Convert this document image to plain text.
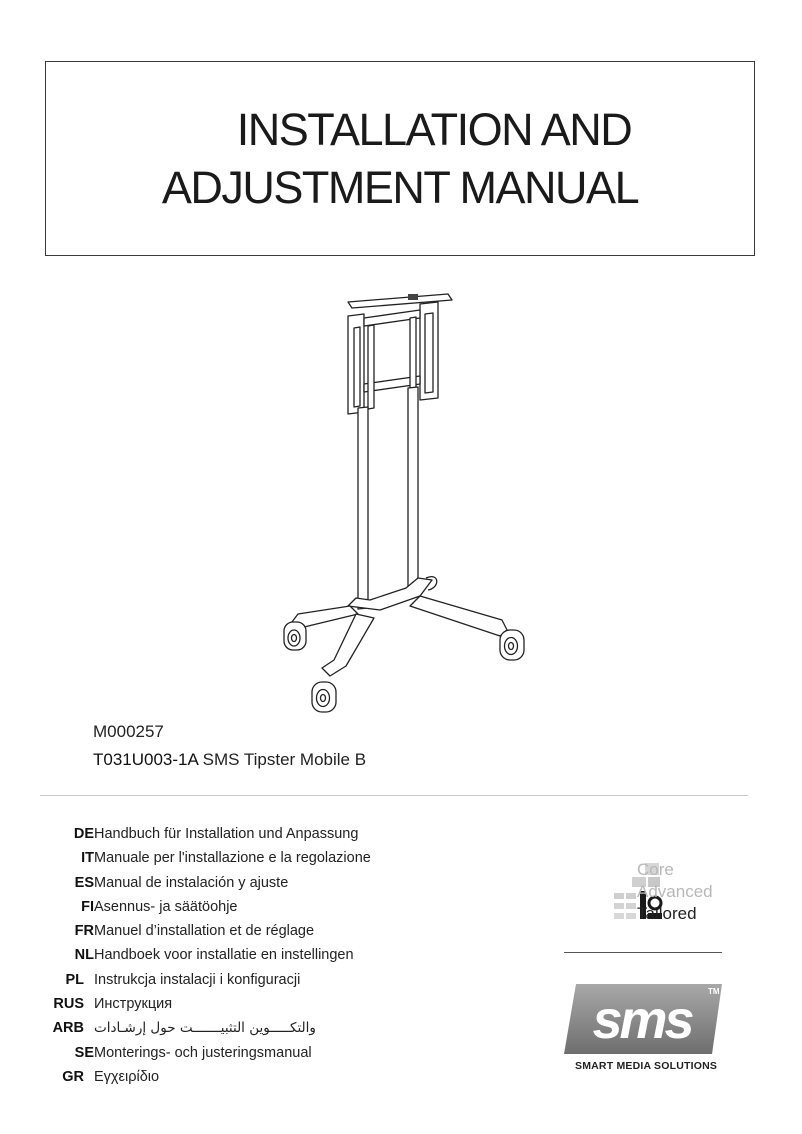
INSTALLATION AND
ADJUSTMENT MANUAL
M000257
T031U003-1A SMS Tipster Mobile B
DE Handbuch für Installation und Anpassung
IT Manuale per l'installazione e la regolazione
ES Manual de instalación y ajuste
FI Asennus- ja säätöohje
FR Manuel d’installation et de réglage
NL Handboek voor installatie en instellingen
PL Instrukcja instalacji i konfiguracji
RUS Инструкция
ARB والتكـــــوين التثبيـــــــت حول إرشـادات
SE Monterings- och justeringsmanual
GR Εγχειρίδιο
Core
Advanced
Tailored
sms TM
SMART MEDIA SOLUTIONS
